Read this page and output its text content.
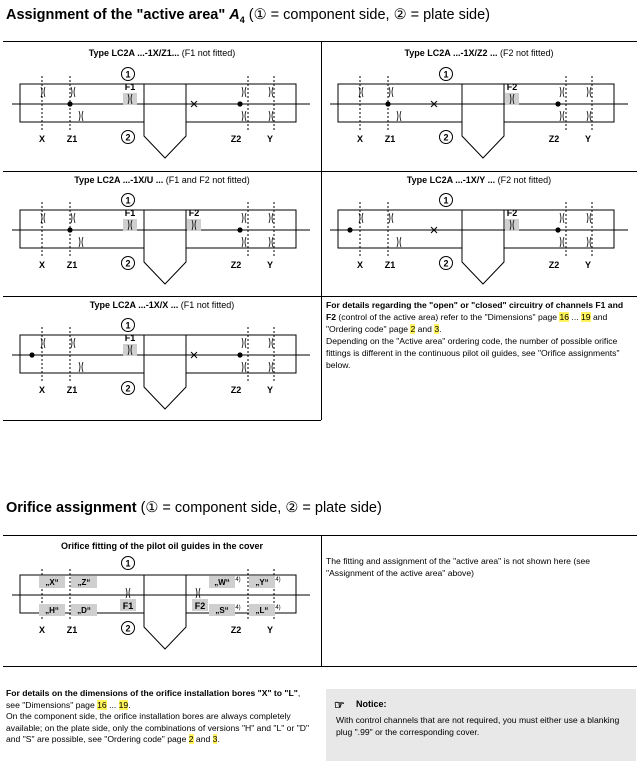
Assignment of the "active area" $A_4$ (① = component side, ② = plate side)
Type LC2A ...-1X/Z1... (F1 not fitted)
1
2
X Z1	Z2	Y
F1
Type LC2A ...-1X/Z2 ... (F2 not fitted)
1
2
X Z1	Z2	Y
F2
Type LC2A ...-1X/U ... (F1 and F2 not fitted)
1
2
X Z1	Z2	Y
F1	F2
Type LC2A ...-1X/Y ... (F2 not fitted)
1
2
X Z1	Z2	Y
F2
Type LC2A ...-1X/X ... (F1 not fitted)
1
2
X Z1	Z2	Y
F1
For details regarding the "open" or "closed" circuitry of channels F1 and F2 (control of the active area) refer to the "Dimensions" page 16 ... 19 and "Ordering code" page 2 and 3.
Depending on the "Active area" ordering code, the number of possible orifice fittings is different in the continuous pilot oil guides, see "Orifice assignments" below.
Orifice assignment (① = component side, ② = plate side)
Orifice fitting of the pilot oil guides in the cover
„X“ „Z“
„H“ „D“
„W“	„Y“
„S“	„L“
4)	4)
4)	4)
F1	F2
1
2
X Z1	Z2	Y
The fitting and assignment of the "active area" is not shown here (see "Assignment of the active area" above)
For details on the dimensions of the orifice installation bores "X" to "L", see "Dimensions" page 16 ... 19.
On the component side, the orifice installation bores are always completely available; on the plate side, only the combinations of versions "H" and "L" or "D" and "S" are possible, see "Ordering code" page 2 and 3.
☞ Notice:
With control channels that are not required, you must either use a blanking plug ".99" or the corresponding cover.
